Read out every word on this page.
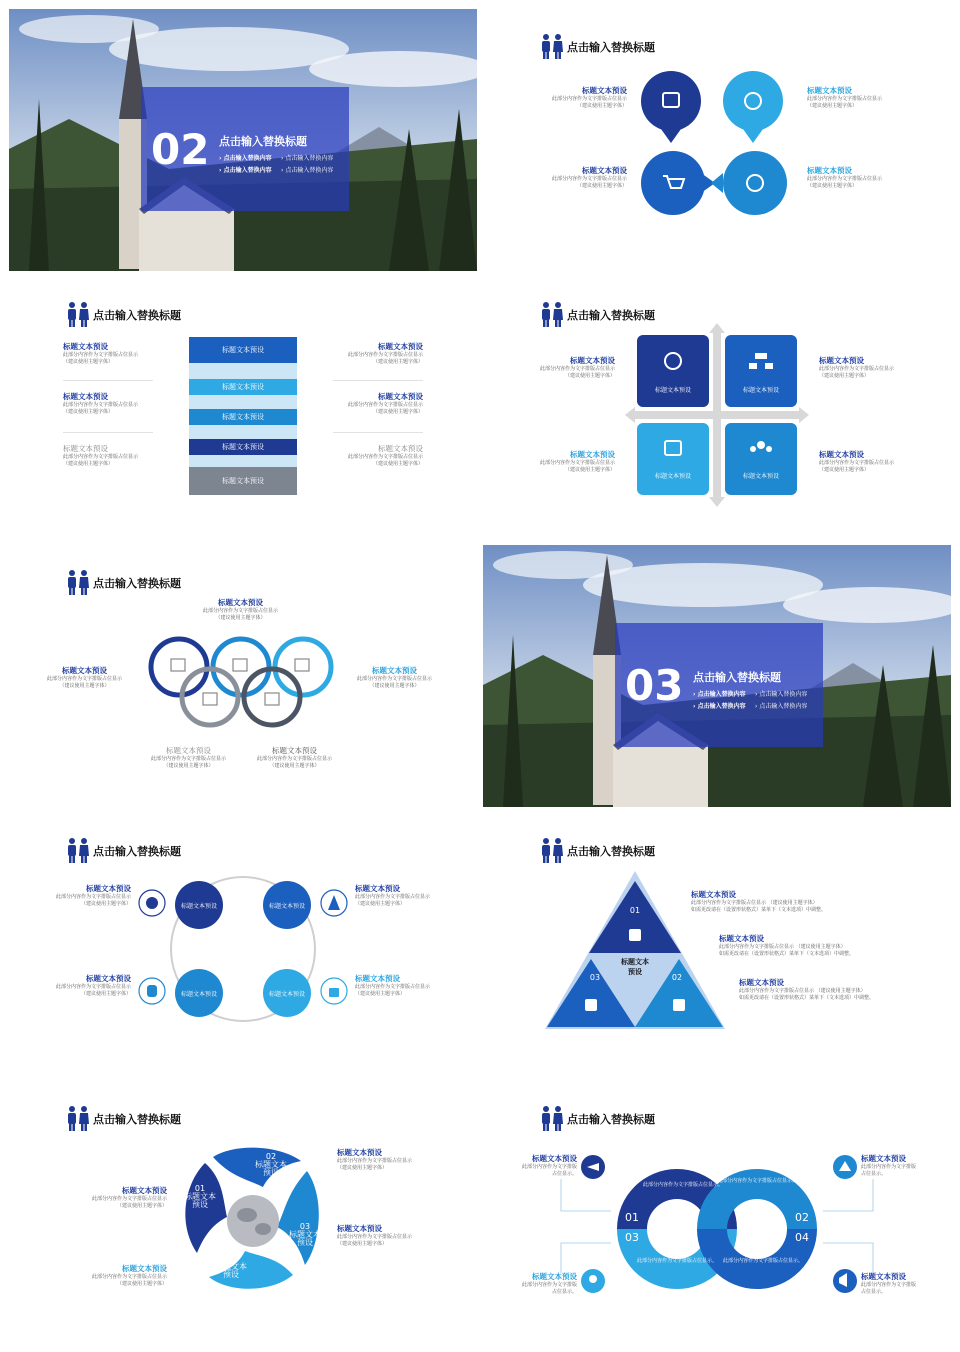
02 点击输入替换标题
› 点击输入替换内容 › 点击输入替换内容
› 点击输入替换内容 › 点击输入替换内容
点击输入替换标题
标题文本预设
此部分内容作为文字排版占位显示
（建议使用主题字体）
标题文本预设
此部分内容作为文字排版占位显示
（建议使用主题字体）
标题文本预设
此部分内容作为文字排版占位显示
（建议使用主题字体）
标题文本预设
此部分内容作为文字排版占位显示
（建议使用主题字体）
点击输入替换标题
标题文本预设
标题文本预设
标题文本预设
标题文本预设
标题文本预设
标题文本预设
此部分内容作为文字排版占位显示
（建议使用主题字体）
标题文本预设
此部分内容作为文字排版占位显示
（建议使用主题字体）
标题文本预设
此部分内容作为文字排版占位显示
（建议使用主题字体）
标题文本预设
此部分内容作为文字排版占位显示
（建议使用主题字体）
标题文本预设
此部分内容作为文字排版占位显示
（建议使用主题字体）
标题文本预设
此部分内容作为文字排版占位显示
（建议使用主题字体）
点击输入替换标题
标题文本预设	标题文本预设
标题文本预设	标题文本预设
标题文本预设
此部分内容作为文字排版占位显示
（建议使用主题字体）
标题文本预设
此部分内容作为文字排版占位显示
（建议使用主题字体）
标题文本预设
此部分内容作为文字排版占位显示
（建议使用主题字体）
标题文本预设
此部分内容作为文字排版占位显示
（建议使用主题字体）
点击输入替换标题
标题文本预设
此部分内容作为文字排版占位显示
（建议使用主题字体）
标题文本预设
此部分内容作为文字排版占位显示
（建议使用主题字体）
标题文本预设
此部分内容作为文字排版占位显示
（建议使用主题字体）
标题文本预设
此部分内容作为文字排版占位显示
（建议使用主题字体）
标题文本预设
此部分内容作为文字排版占位显示
（建议使用主题字体）
03 点击输入替换标题
› 点击输入替换内容 › 点击输入替换内容
› 点击输入替换内容 › 点击输入替换内容
点击输入替换标题
标题文本预设	标题文本预设
标题文本预设	标题文本预设
标题文本预设
此部分内容作为文字排版占位显示
（建议使用主题字体）
标题文本预设
此部分内容作为文字排版占位显示
（建议使用主题字体）
标题文本预设
此部分内容作为文字排版占位显示
（建议使用主题字体）
标题文本预设
此部分内容作为文字排版占位显示
（建议使用主题字体）
点击输入替换标题
01
02
03
标题文本
预设
标题文本预设
此部分内容作为文字排版占位显示 （建议使用主题字体）
如需更改请在（设置形状格式）菜单下（文本选项）中调整。
标题文本预设
此部分内容作为文字排版占位显示 （建议使用主题字体）
如需更改请在（设置形状格式）菜单下（文本选项）中调整。
标题文本预设
此部分内容作为文字排版占位显示 （建议使用主题字体）
如需更改请在（设置形状格式）菜单下（文本选项）中调整。
点击输入替换标题
01
标题文本
预设
02
标题文本
预设
03
标题文本
预设
04
标题文本
预设
标题文本预设
此部分内容作为文字排版占位显示
（建议使用主题字体）
标题文本预设
此部分内容作为文字排版占位显示
（建议使用主题字体）
标题文本预设
此部分内容作为文字排版占位显示
（建议使用主题字体）
标题文本预设
此部分内容作为文字排版占位显示
（建议使用主题字体）
点击输入替换标题
01	02
03	04
此部分内容作为文字排版占位显示。
此部分内容作为文字排版占位显示。
此部分内容作为文字排版占位显示。 此部分内容作为文字排版占位显示。
标题文本预设
此部分内容作为文字排版
占位显示。
标题文本预设
此部分内容作为文字排版
占位显示。
标题文本预设
此部分内容作为文字排版
占位显示。
标题文本预设
此部分内容作为文字排版
占位显示。
